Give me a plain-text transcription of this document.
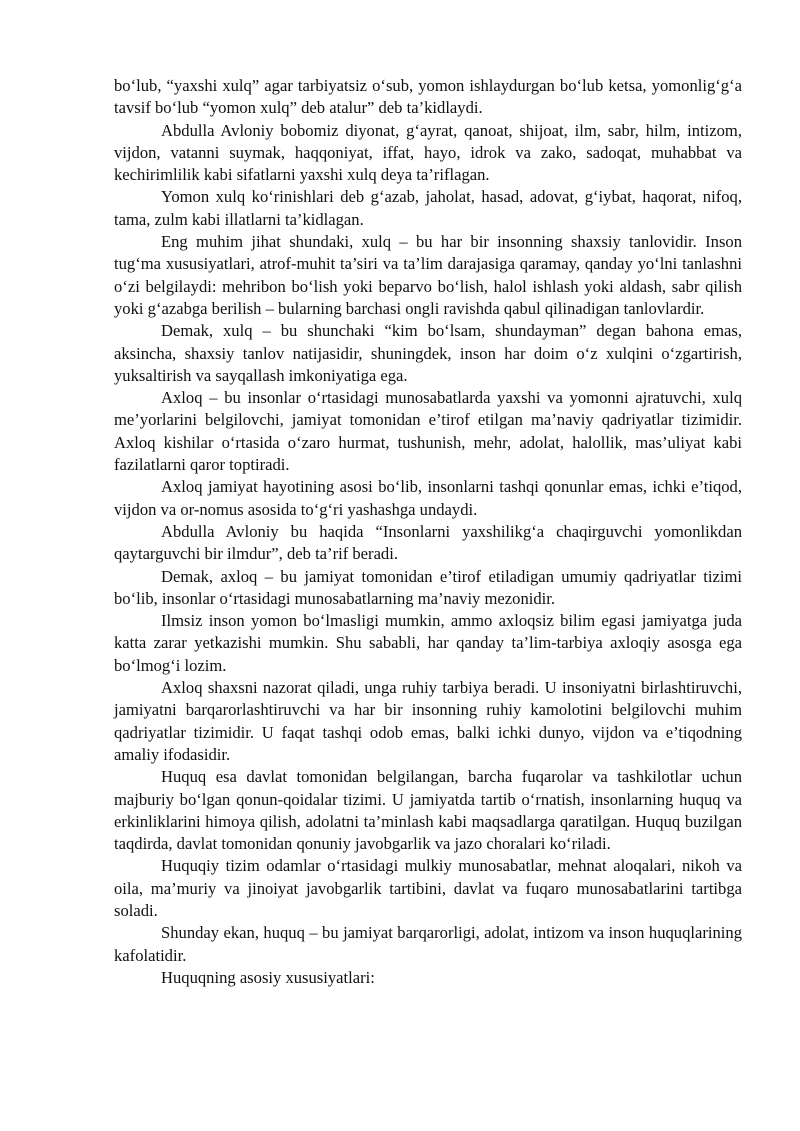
bo‘lub, “yaxshi xulq” agar tarbiyatsiz o‘sub, yomon ishlaydurgan bo‘lub ketsa, yomonlig‘g‘a tavsif bo‘lub “yomon xulq” deb atalur” deb ta’kidlaydi.

Abdulla Avloniy bobomiz diyonat, g‘ayrat, qanoat, shijoat, ilm, sabr, hilm, intizom, vijdon, vatanni suymak, haqqoniyat, iffat, hayo, idrok va zako, sadoqat, muhabbat va kechirimlilik kabi sifatlarni yaxshi xulq deya ta’riflagan.

Yomon xulq ko‘rinishlari deb g‘azab, jaholat, hasad, adovat, g‘iybat, haqorat, nifoq, tama, zulm kabi illatlarni ta’kidlagan.

Eng muhim jihat shundaki, xulq – bu har bir insonning shaxsiy tanlovidir. Inson tug‘ma xususiyatlari, atrof-muhit ta’siri va ta’lim darajasiga qaramay, qanday yo‘lni tanlashni o‘zi belgilaydi: mehribon bo‘lish yoki beparvo bo‘lish, halol ishlash yoki aldash, sabr qilish yoki g‘azabga berilish – bularning barchasi ongli ravishda qabul qilinadigan tanlovlardir.

Demak, xulq – bu shunchaki “kim bo‘lsam, shundayman” degan bahona emas, aksincha, shaxsiy tanlov natijasidir, shuningdek, inson har doim o‘z xulqini o‘zgartirish, yuksaltirish va sayqallash imkoniyatiga ega.

Axloq – bu insonlar o‘rtasidagi munosabatlarda yaxshi va yomonni ajratuvchi, xulq me’yorlarini belgilovchi, jamiyat tomonidan e’tirof etilgan ma’naviy qadriyatlar tizimidir. Axloq kishilar o‘rtasida o‘zaro hurmat, tushunish, mehr, adolat, halollik, mas’uliyat kabi fazilatlarni qaror toptiradi.

Axloq jamiyat hayotining asosi bo‘lib, insonlarni tashqi qonunlar emas, ichki e’tiqod, vijdon va or-nomus asosida to‘g‘ri yashashga undaydi.

Abdulla Avloniy bu haqida “Insonlarni yaxshilikg‘a chaqirguvchi yomonlikdan qaytarguvchi bir ilmdur”, deb ta’rif beradi.

Demak, axloq – bu jamiyat tomonidan e’tirof etiladigan umumiy qadriyatlar tizimi bo‘lib, insonlar o‘rtasidagi munosabatlarning ma’naviy mezonidir.

Ilmsiz inson yomon bo‘lmasligi mumkin, ammo axloqsiz bilim egasi jamiyatga juda katta zarar yetkazishi mumkin. Shu sababli, har qanday ta’lim-tarbiya axloqiy asosga ega bo‘lmog‘i lozim.

Axloq shaxsni nazorat qiladi, unga ruhiy tarbiya beradi. U insoniyatni birlashtiruvchi, jamiyatni barqarorlashtiruvchi va har bir insonning ruhiy kamolotini belgilovchi muhim qadriyatlar tizimidir. U faqat tashqi odob emas, balki ichki dunyo, vijdon va e’tiqodning amaliy ifodasidir.

Huquq esa davlat tomonidan belgilangan, barcha fuqarolar va tashkilotlar uchun majburiy bo‘lgan qonun-qoidalar tizimi. U jamiyatda tartib o‘rnatish, insonlarning huquq va erkinliklarini himoya qilish, adolatni ta’minlash kabi maqsadlarga qaratilgan. Huquq buzilgan taqdirda, davlat tomonidan qonuniy javobgarlik va jazo choralari ko‘riladi.

Huquqiy tizim odamlar o‘rtasidagi mulkiy munosabatlar, mehnat aloqalari, nikoh va oila, ma’muriy va jinoiyat javobgarlik tartibini, davlat va fuqaro munosabatlarini tartibga soladi.

Shunday ekan, huquq – bu jamiyat barqarorligi, adolat, intizom va inson huquqlarining kafolatidir.

Huquqning asosiy xususiyatlari:
